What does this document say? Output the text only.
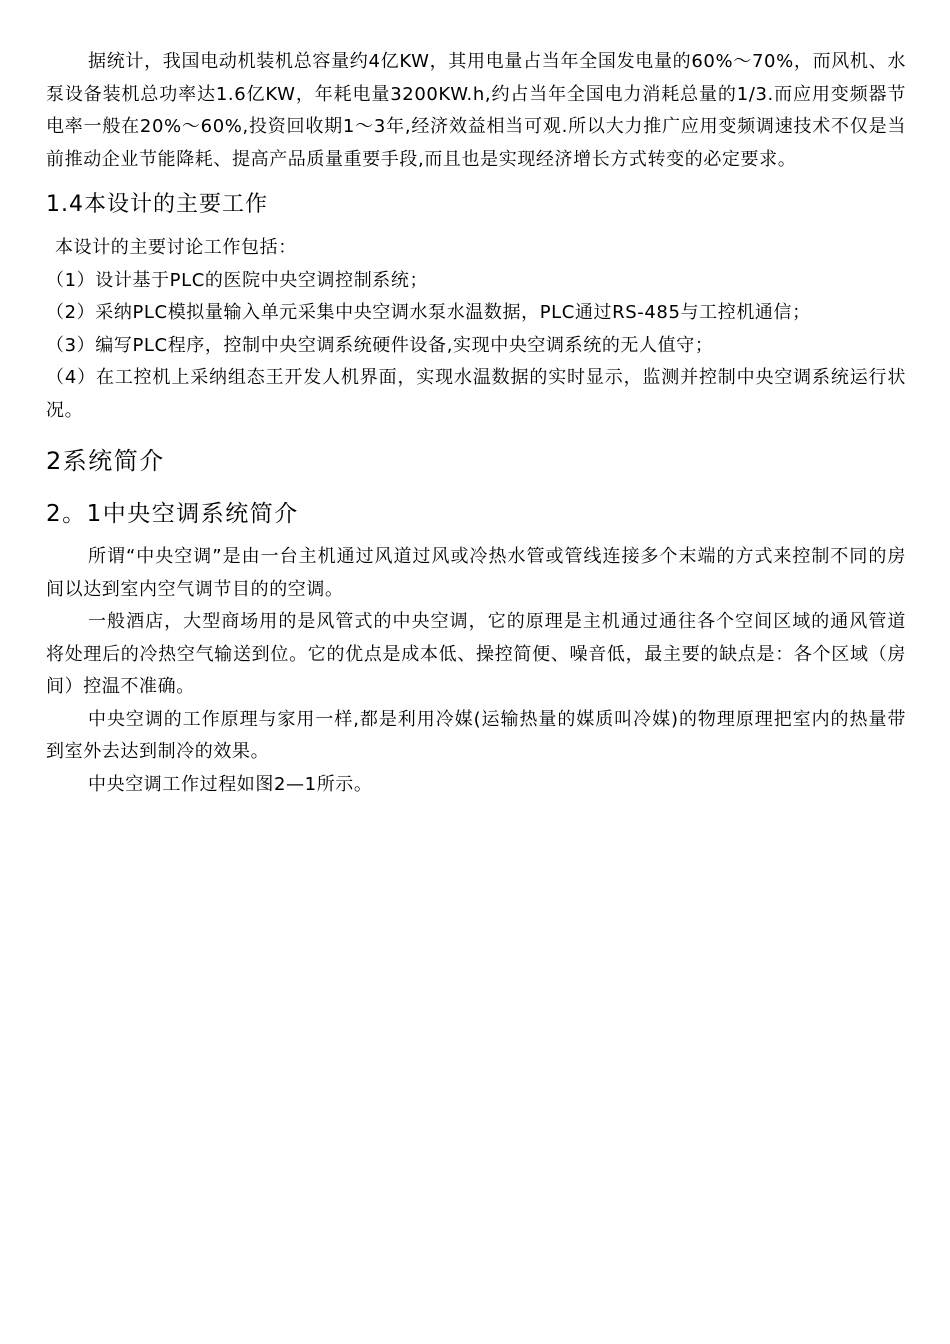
据统计，我国电动机装机总容量约4亿KW，其用电量占当年全国发电量的60%～70%，而风机、水泵设备装机总功率达1.6亿KW，年耗电量3200KW.h,约占当年全国电力消耗总量的1/3.而应用变频器节电率一般在20%～60%,投资回收期1～3年,经济效益相当可观.所以大力推广应用变频调速技术不仅是当前推动企业节能降耗、提高产品质量重要手段,而且也是实现经济增长方式转变的必定要求。

1.4本设计的主要工作

本设计的主要讨论工作包括：

（1）设计基于PLC的医院中央空调控制系统；

（2）采纳PLC模拟量输入单元采集中央空调水泵水温数据，PLC通过RS-485与工控机通信；

（3）编写PLC程序，控制中央空调系统硬件设备,实现中央空调系统的无人值守；

（4）在工控机上采纳组态王开发人机界面，实现水温数据的实时显示，监测并控制中央空调系统运行状况。

2系统简介
2。1中央空调系统简介

所谓“中央空调”是由一台主机通过风道过风或冷热水管或管线连接多个末端的方式来控制不同的房间以达到室内空气调节目的的空调。

一般酒店，大型商场用的是风管式的中央空调，它的原理是主机通过通往各个空间区域的通风管道将处理后的冷热空气输送到位。它的优点是成本低、操控简便、噪音低，最主要的缺点是：各个区域（房间）控温不准确。

中央空调的工作原理与家用一样,都是利用冷媒(运输热量的媒质叫冷媒)的物理原理把室内的热量带到室外去达到制冷的效果。

中央空调工作过程如图2—1所示。
